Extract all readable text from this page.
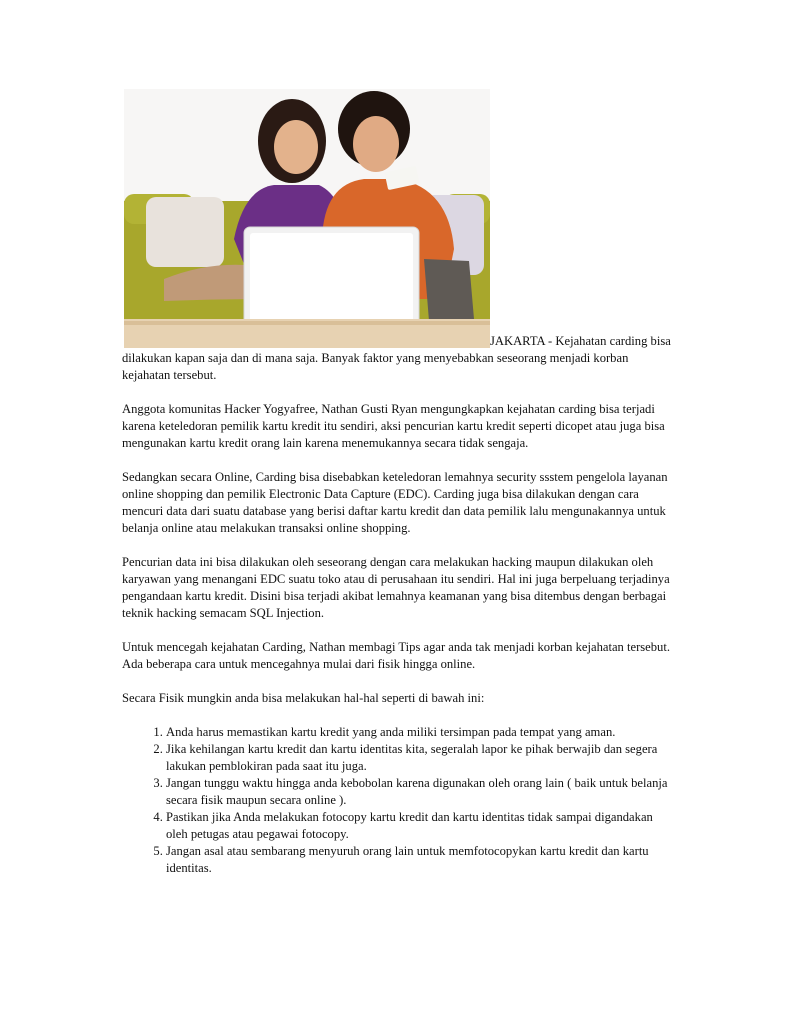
JAKARTA - Kejahatan carding bisa dilakukan kapan saja dan di mana saja. Banyak faktor yang menyebabkan seseorang menjadi korban kejahatan tersebut.

Anggota komunitas Hacker Yogyafree, Nathan Gusti Ryan mengungkapkan kejahatan carding bisa terjadi karena keteledoran pemilik kartu kredit itu sendiri, aksi pencurian kartu kredit seperti dicopet atau juga bisa mengunakan kartu kredit orang lain karena menemukannya secara tidak sengaja.

Sedangkan secara Online, Carding bisa disebabkan keteledoran lemahnya security ssstem pengelola layanan online shopping dan pemilik Electronic Data Capture (EDC). Carding juga bisa dilakukan dengan cara mencuri data dari suatu database yang berisi daftar kartu kredit dan data pemilik lalu mengunakannya untuk belanja online atau melakukan transaksi online shopping.

Pencurian data ini bisa dilakukan oleh seseorang dengan cara melakukan hacking maupun dilakukan oleh karyawan yang menangani EDC suatu toko atau di perusahaan itu sendiri. Hal ini juga berpeluang terjadinya pengandaan kartu kredit. Disini bisa terjadi akibat lemahnya keamanan yang bisa ditembus dengan berbagai teknik hacking semacam SQL Injection.

Untuk mencegah kejahatan Carding, Nathan membagi Tips agar anda tak menjadi korban kejahatan tersebut. Ada beberapa cara untuk mencegahnya mulai dari fisik hingga online.

Secara Fisik mungkin anda bisa melakukan hal-hal seperti di bawah ini:

1. Anda harus memastikan kartu kredit yang anda miliki tersimpan pada tempat yang aman.
2. Jika kehilangan kartu kredit dan kartu identitas kita, segeralah lapor ke pihak berwajib dan segera lakukan pemblokiran pada saat itu juga.
3. Jangan tunggu waktu hingga anda kebobolan karena digunakan oleh orang lain ( baik untuk belanja secara fisik maupun secara online ).
4. Pastikan jika Anda melakukan fotocopy kartu kredit dan kartu identitas tidak sampai digandakan oleh petugas atau pegawai fotocopy.
5. Jangan asal atau sembarang menyuruh orang lain untuk memfotocopykan kartu kredit dan kartu identitas.
